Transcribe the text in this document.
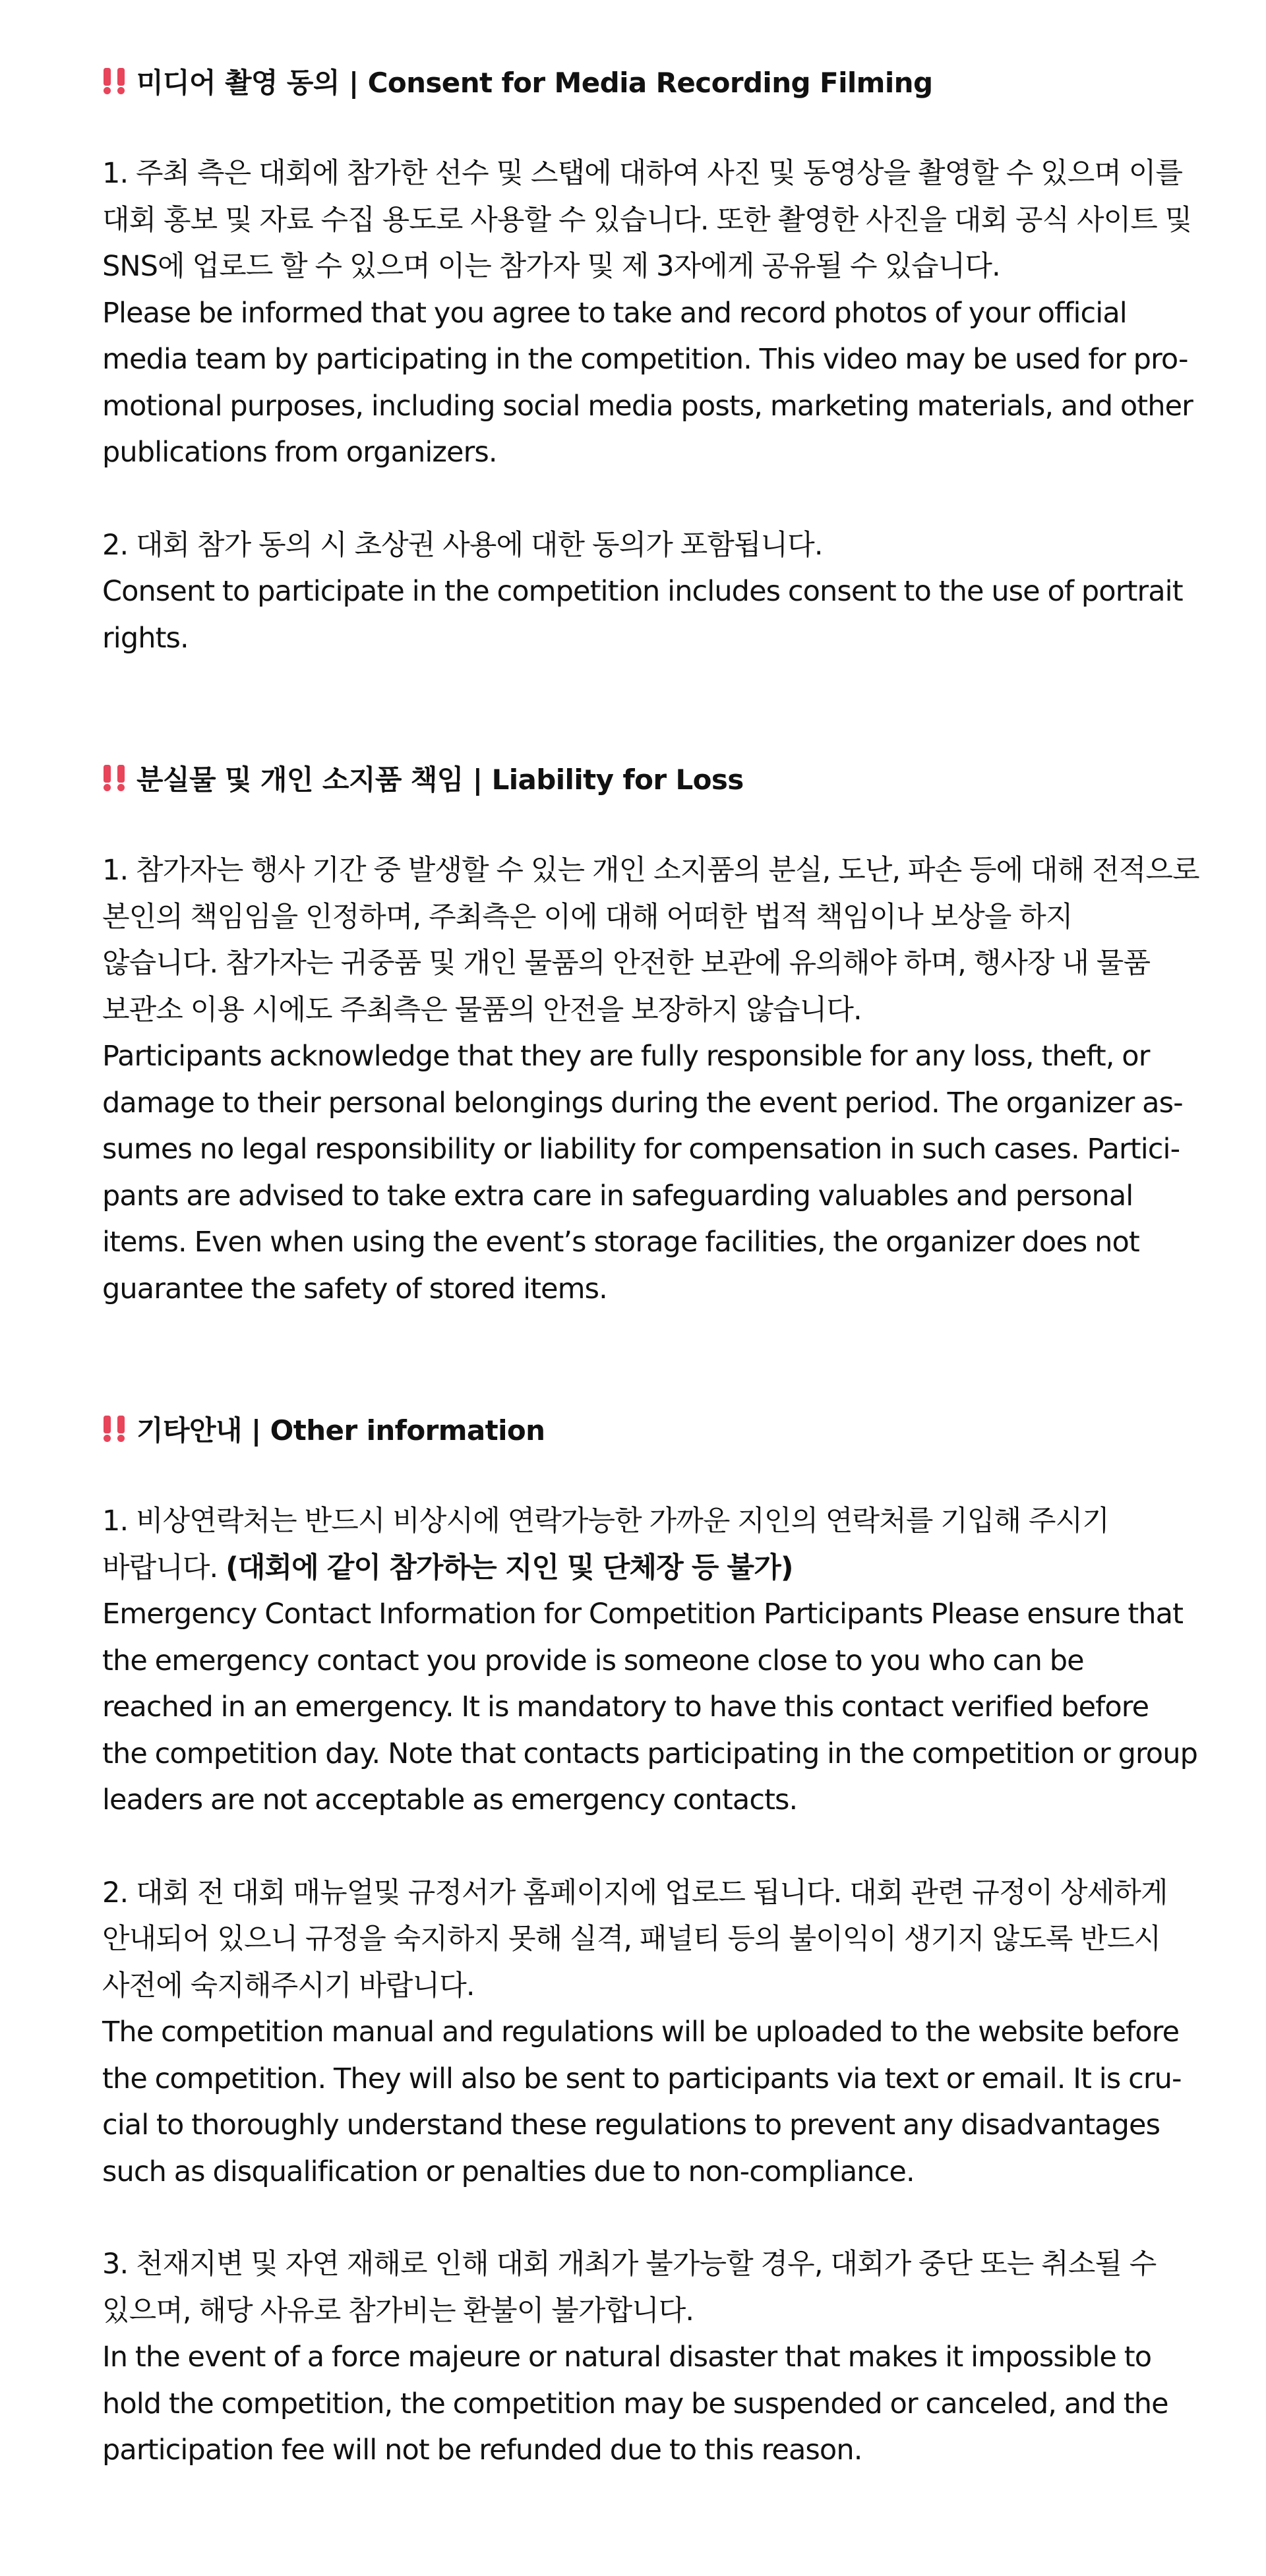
미디어 촬영 동의 | Consent for Media Recording Filming
1. 주최 측은 대회에 참가한 선수 및 스탭에 대하여 사진 및 동영상을 촬영할 수 있으며 이를
대회 홍보 및 자료 수집 용도로 사용할 수 있습니다. 또한 촬영한 사진을 대회 공식 사이트 및
SNS에 업로드 할 수 있으며 이는 참가자 및 제 3자에게 공유될 수 있습니다.
Please be informed that you agree to take and record photos of your official
media team by participating in the competition. This video may be used for pro-
motional purposes, including social media posts, marketing materials, and other
publications from organizers.
2. 대회 참가 동의 시 초상권 사용에 대한 동의가 포함됩니다.
Consent to participate in the competition includes consent to the use of portrait
rights.
분실물 및 개인 소지품 책임 | Liability for Loss
1. 참가자는 행사 기간 중 발생할 수 있는 개인 소지품의 분실, 도난, 파손 등에 대해 전적으로
본인의 책임임을 인정하며, 주최측은 이에 대해 어떠한 법적 책임이나 보상을 하지
않습니다. 참가자는 귀중품 및 개인 물품의 안전한 보관에 유의해야 하며, 행사장 내 물품
보관소 이용 시에도 주최측은 물품의 안전을 보장하지 않습니다.
Participants acknowledge that they are fully responsible for any loss, theft, or
damage to their personal belongings during the event period. The organizer as-
sumes no legal responsibility or liability for compensation in such cases. Partici-
pants are advised to take extra care in safeguarding valuables and personal
items. Even when using the event’s storage facilities, the organizer does not
guarantee the safety of stored items.
기타안내 | Other information
1. 비상연락처는 반드시 비상시에 연락가능한 가까운 지인의 연락처를 기입해 주시기
바랍니다. (대회에 같이 참가하는 지인 및 단체장 등 불가)
Emergency Contact Information for Competition Participants Please ensure that
the emergency contact you provide is someone close to you who can be
reached in an emergency. It is mandatory to have this contact verified before
the competition day. Note that contacts participating in the competition or group
leaders are not acceptable as emergency contacts.
2. 대회 전 대회 매뉴얼및 규정서가 홈페이지에 업로드 됩니다. 대회 관련 규정이 상세하게
안내되어 있으니 규정을 숙지하지 못해 실격, 패널티 등의 불이익이 생기지 않도록 반드시
사전에 숙지해주시기 바랍니다.
The competition manual and regulations will be uploaded to the website before
the competition. They will also be sent to participants via text or email. It is cru-
cial to thoroughly understand these regulations to prevent any disadvantages
such as disqualification or penalties due to non-compliance.
3. 천재지변 및 자연 재해로 인해 대회 개최가 불가능할 경우, 대회가 중단 또는 취소될 수
있으며, 해당 사유로 참가비는 환불이 불가합니다.
In the event of a force majeure or natural disaster that makes it impossible to
hold the competition, the competition may be suspended or canceled, and the
participation fee will not be refunded due to this reason.
